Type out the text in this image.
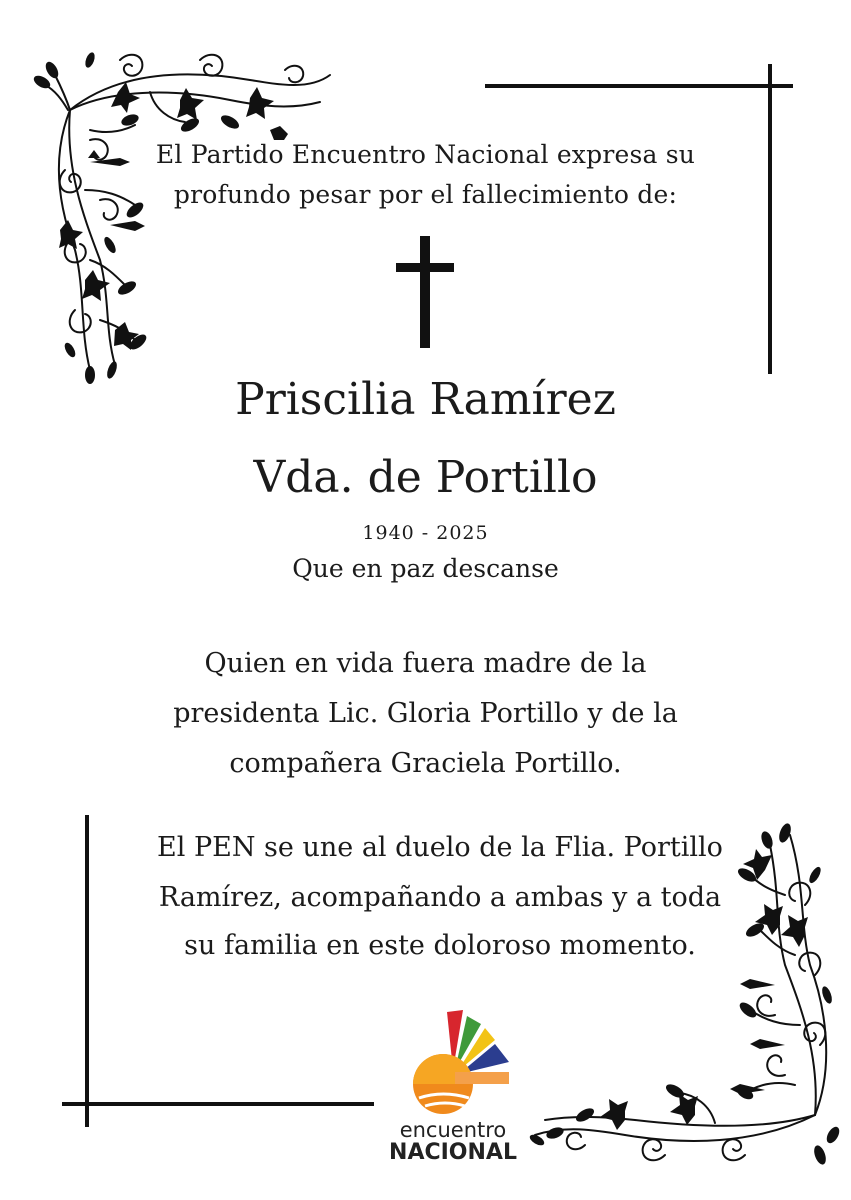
El Partido Encuentro Nacional expresa su
profundo pesar por el fallecimiento de:
Priscilia Ramírez
Vda. de Portillo
1940 - 2025
Que en paz descanse
Quien en vida fuera madre de la
presidenta Lic. Gloria Portillo y de la
compañera Graciela Portillo.
El PEN se une al duelo de la Flia. Portillo
Ramírez, acompañando a ambas y a toda
su familia en este doloroso momento.
encuentro
NACIONAL
